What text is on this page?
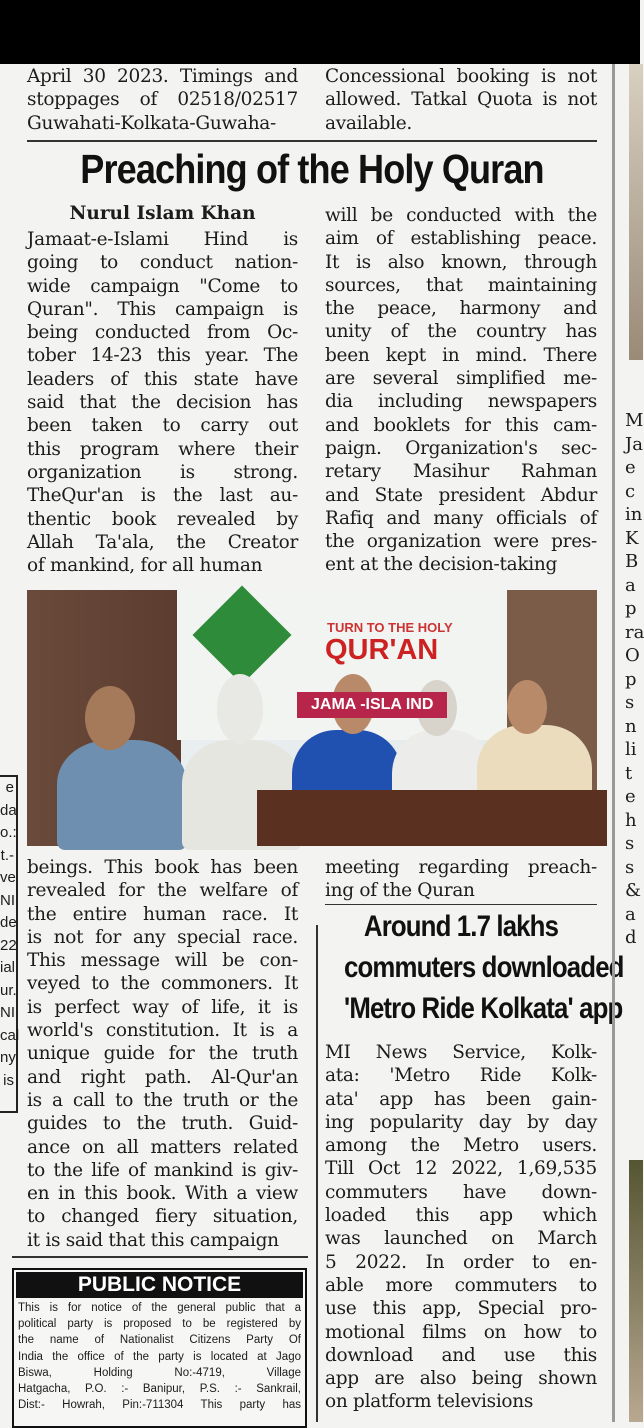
April 30 2023. Timings and
stoppages of 02518/02517
Guwahati-Kolkata-Guwaha-
Concessional booking is not
allowed. Tatkal Quota is not
available.
Preaching of the Holy Quran
Nurul Islam Khan
Jamaat-e-Islami Hind is
going to conduct nation-
wide campaign "Come to
Quran". This campaign is
being conducted from Oc-
tober 14-23 this year. The
leaders of this state have
said that the decision has
been taken to carry out
this program where their
organization is strong.
TheQur'an is the last au-
thentic book revealed by
Allah Ta'ala, the Creator
of mankind, for all human
will be conducted with the
aim of establishing peace.
It is also known, through
sources, that maintaining
the peace, harmony and
unity of the country has
been kept in mind. There
are several simplified me-
dia including newspapers
and booklets for this cam-
paign. Organization's sec-
retary Masihur Rahman
and State president Abdur
Rafiq and many officials of
the organization were pres-
ent at the decision-taking
TURN TO THE HOLY
QUR'AN
JAMA -ISLA IND
beings. This book has been
revealed for the welfare of
the entire human race. It
is not for any special race.
This message will be con-
veyed to the commoners. It
is perfect way of life, it is
world's constitution. It is a
unique guide for the truth
and right path. Al-Qur'an
is a call to the truth or the
guides to the truth. Guid-
ance on all matters related
to the life of mankind is giv-
en in this book. With a view
to changed fiery situation,
it is said that this campaign
meeting regarding preach-
ing of the Quran
Around 1.7 lakhs
commuters downloaded
'Metro Ride Kolkata' app
MI News Service, Kolk-
ata: 'Metro Ride Kolk-
ata' app has been gain-
ing popularity day by day
among the Metro users.
Till Oct 12 2022, 1,69,535
commuters have down-
loaded this app which
was launched on March
5 2022. In order to en-
able more commuters to
use this app, Special pro-
motional films on how to
download and use this
app are also being shown
on platform televisions
PUBLIC NOTICE
This is for notice of the general public that a
political party is proposed to be registered by
the name of Nationalist Citizens Party Of
India the office of the party is located at Jago
Biswa, Holding No:-4719, Village
Hatgacha, P.O. :- Banipur, P.S. :- Sankrail,
Dist:- Howrah, Pin:-711304 This party has
e
da
o.:
t.-
ve
NI
de
22
ial
ur.
NI
cal
ny
is
M
Ja
e
c
in
K
B
a
p
ra
O
p
s
n
li
t
e
h
s
s
&
a
d
